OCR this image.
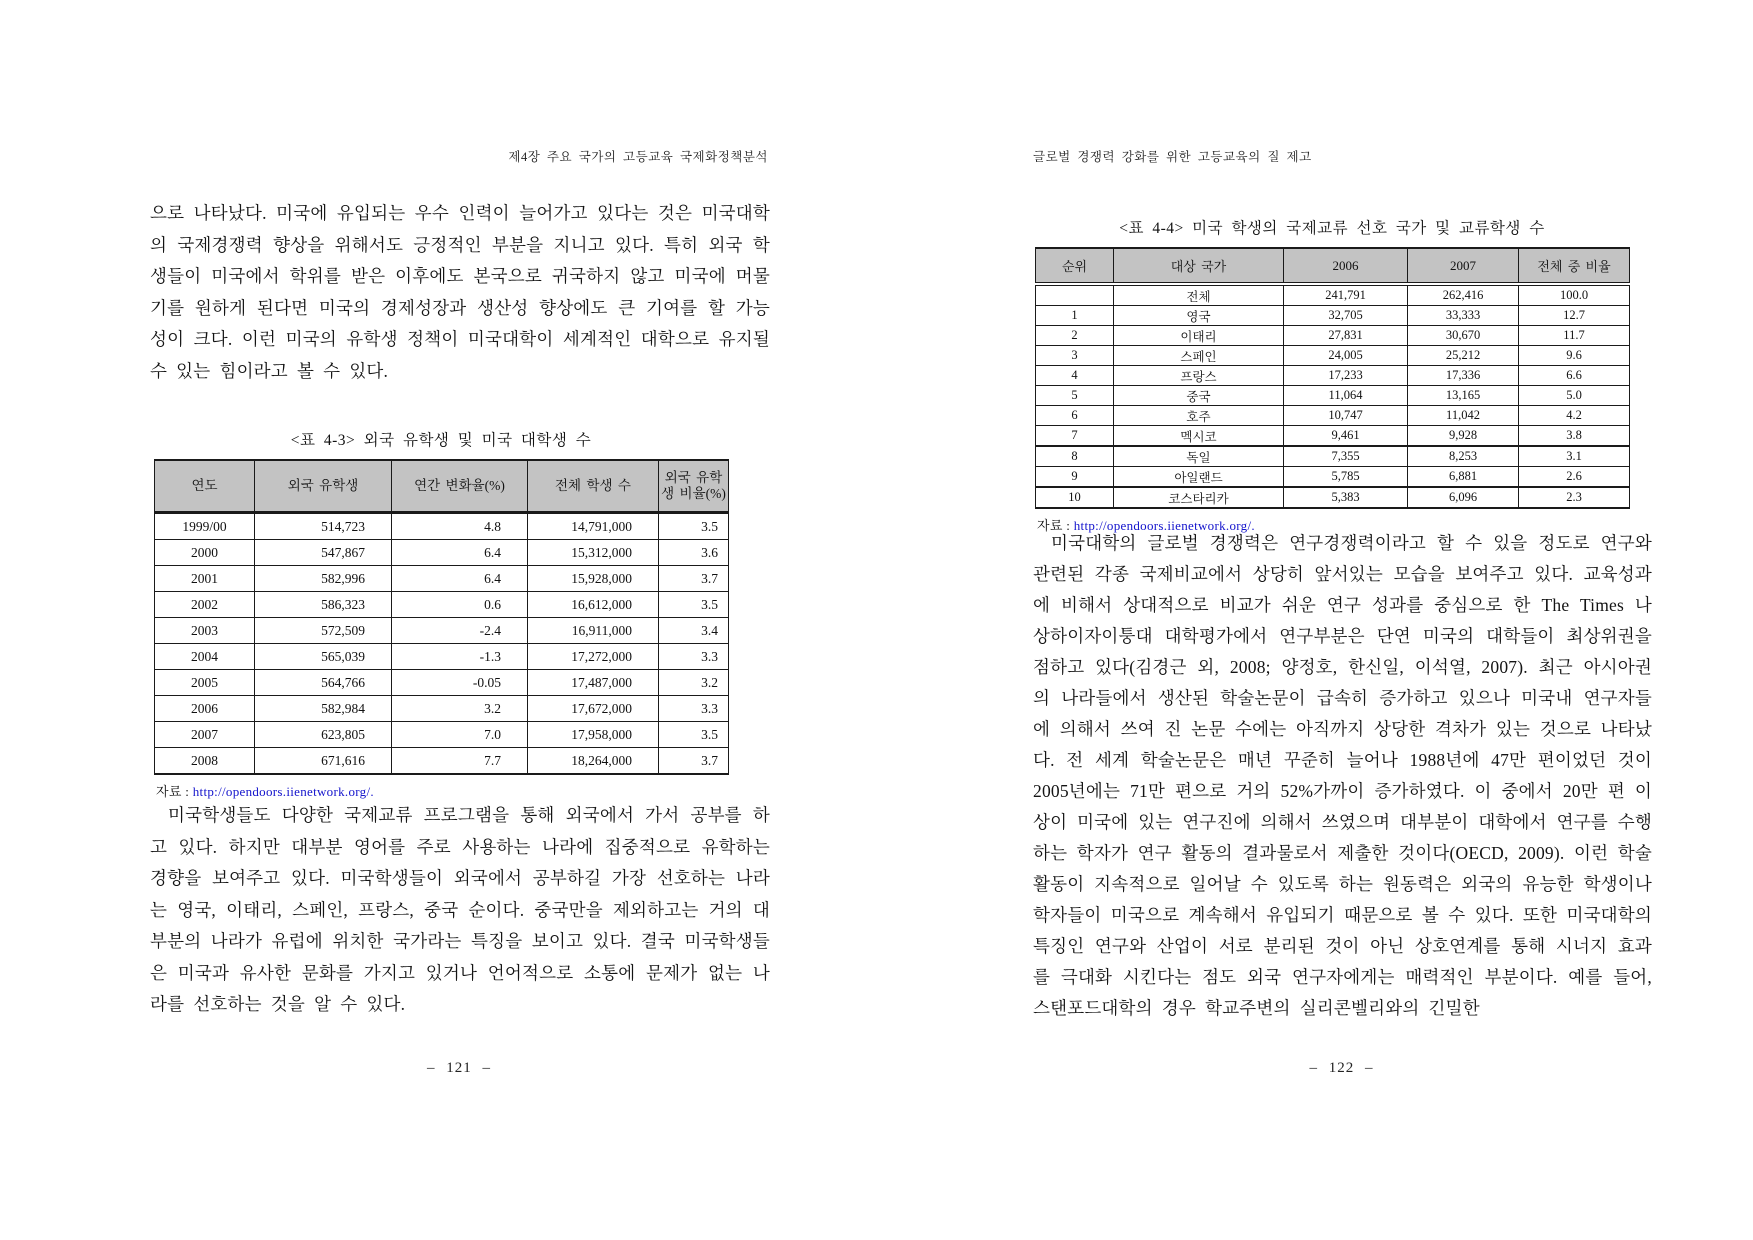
제4장 주요 국가의 고등교육 국제화정책분석

으로 나타났다. 미국에 유입되는 우수 인력이 늘어가고 있다는 것은 미국대학의 국제경쟁력 향상을 위해서도 긍정적인 부분을 지니고 있다. 특히 외국 학생들이 미국에서 학위를 받은 이후에도 본국으로 귀국하지 않고 미국에 머물기를 원하게 된다면 미국의 경제성장과 생산성 향상에도 큰 기여를 할 가능성이 크다. 이런 미국의 유학생 정책이 미국대학이 세계적인 대학으로 유지될 수 있는 힘이라고 볼 수 있다.

<표 4-3> 외국 유학생 및 미국 대학생 수
연도	외국 유학생	연간 변화율(%)	전체 학생 수	외국 유학생 비율(%)
1999/00	514,723	4.8	14,791,000	3.5
2000	547,867	6.4	15,312,000	3.6
2001	582,996	6.4	15,928,000	3.7
2002	586,323	0.6	16,612,000	3.5
2003	572,509	-2.4	16,911,000	3.4
2004	565,039	-1.3	17,272,000	3.3
2005	564,766	-0.05	17,487,000	3.2
2006	582,984	3.2	17,672,000	3.3
2007	623,805	7.0	17,958,000	3.5
2008	671,616	7.7	18,264,000	3.7
자료 : http://opendoors.iienetwork.org/.

미국학생들도 다양한 국제교류 프로그램을 통해 외국에서 가서 공부를 하고 있다. 하지만 대부분 영어를 주로 사용하는 나라에 집중적으로 유학하는 경향을 보여주고 있다. 미국학생들이 외국에서 공부하길 가장 선호하는 나라는 영국, 이태리, 스페인, 프랑스, 중국 순이다. 중국만을 제외하고는 거의 대부분의 나라가 유럽에 위치한 국가라는 특징을 보이고 있다. 결국 미국학생들은 미국과 유사한 문화를 가지고 있거나 언어적으로 소통에 문제가 없는 나라를 선호하는 것을 알 수 있다.

– 121 –
글로벌 경쟁력 강화를 위한 고등교육의 질 제고
<표 4-4> 미국 학생의 국제교류 선호 국가 및 교류학생 수
순위	대상 국가	2006	2007	전체 중 비율
	전체	241,791	262,416	100.0
1	영국	32,705	33,333	12.7
2	이태리	27,831	30,670	11.7
3	스페인	24,005	25,212	9.6
4	프랑스	17,233	17,336	6.6
5	중국	11,064	13,165	5.0
6	호주	10,747	11,042	4.2
7	멕시코	9,461	9,928	3.8
8	독일	7,355	8,253	3.1
9	아일랜드	5,785	6,881	2.6
10	코스타리카	5,383	6,096	2.3
자료 : http://opendoors.iienetwork.org/.

미국대학의 글로벌 경쟁력은 연구경쟁력이라고 할 수 있을 정도로 연구와 관련된 각종 국제비교에서 상당히 앞서있는 모습을 보여주고 있다. 교육성과에 비해서 상대적으로 비교가 쉬운 연구 성과를 중심으로 한 The Times 나 상하이자이퉁대 대학평가에서 연구부분은 단연 미국의 대학들이 최상위권을 점하고 있다(김경근 외, 2008; 양정호, 한신일, 이석열, 2007). 최근 아시아권의 나라들에서 생산된 학술논문이 급속히 증가하고 있으나 미국내 연구자들에 의해서 쓰여 진 논문 수에는 아직까지 상당한 격차가 있는 것으로 나타났다. 전 세계 학술논문은 매년 꾸준히 늘어나 1988년에 47만 편이었던 것이 2005년에는 71만 편으로 거의 52%가까이 증가하였다. 이 중에서 20만 편 이상이 미국에 있는 연구진에 의해서 쓰였으며 대부분이 대학에서 연구를 수행하는 학자가 연구 활동의 결과물로서 제출한 것이다(OECD, 2009). 이런 학술활동이 지속적으로 일어날 수 있도록 하는 원동력은 외국의 유능한 학생이나 학자들이 미국으로 계속해서 유입되기 때문으로 볼 수 있다. 또한 미국대학의 특징인 연구와 산업이 서로 분리된 것이 아닌 상호연계를 통해 시너지 효과를 극대화 시킨다는 점도 외국 연구자에게는 매력적인 부분이다. 예를 들어, 스탠포드대학의 경우 학교주변의 실리콘벨리와의 긴밀한

– 122 –
